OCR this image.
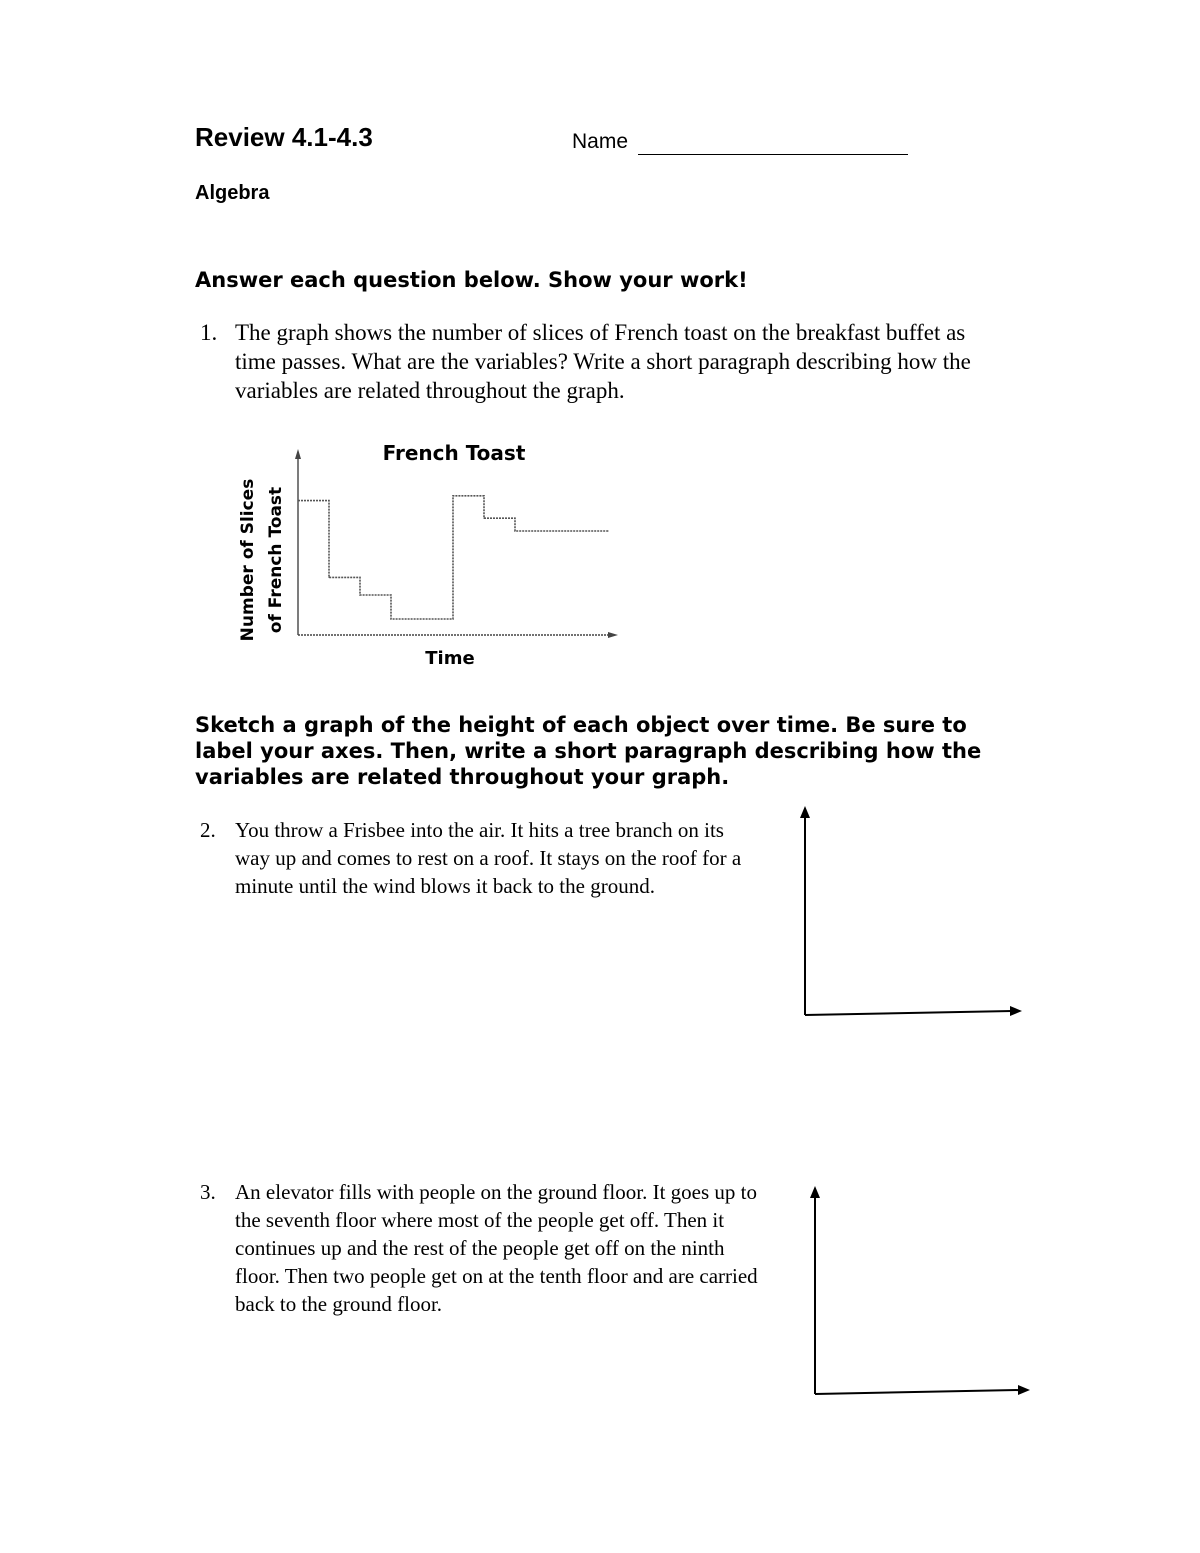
Review 4.1-4.3	Name
Algebra
Answer each question below. Show your work!
1. The graph shows the number of slices of French toast on the breakfast buffet as time passes. What are the variables? Write a short paragraph describing how the variables are related throughout the graph.
French Toast
Number of Slices of French Toast
Time
Sketch a graph of the height of each object over time. Be sure to label your axes. Then, write a short paragraph describing how the variables are related throughout your graph.
2. You throw a Frisbee into the air. It hits a tree branch on its way up and comes to rest on a roof. It stays on the roof for a minute until the wind blows it back to the ground.
3. An elevator fills with people on the ground floor. It goes up to the seventh floor where most of the people get off. Then it continues up and the rest of the people get off on the ninth floor. Then two people get on at the tenth floor and are carried back to the ground floor.
